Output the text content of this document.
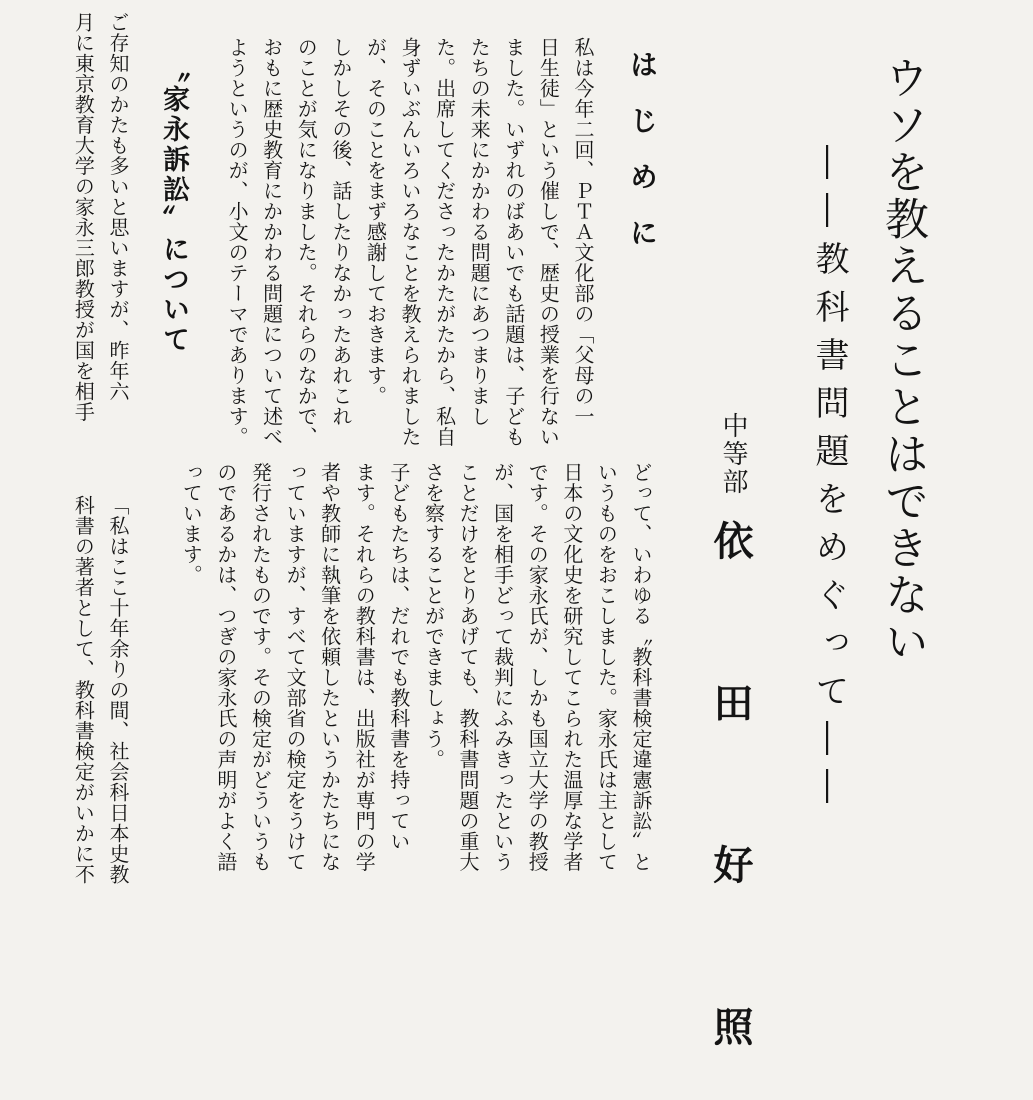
ウソを教えることはできない
――教科書問題をめぐって――
中等部
依 田 好 照
はじめに
〝家永訴訟〟について	私は今年二回、ＰＴＡ文化部の「父母の一
日生徒」という催しで、歴史の授業を行ない
ました。いずれのばあいでも話題は、子ども
たちの未来にかかわる問題にあつまりまし
た。出席してくださったかたがたから、私自
身ずいぶんいろいろなことを教えられました
が、そのことをまず感謝しておきます。
しかしその後、話したりなかったあれこれ
のことが気になりました。それらのなかで、
おもに歴史教育にかかわる問題について述べ
ようというのが、小文のテーマであります。
どって、いわゆる〝教科書検定違憲訴訟〟と
いうものをおこしました。家永氏は主として
日本の文化史を研究してこられた温厚な学者
です。その家永氏が、しかも国立大学の教授
が、国を相手どって裁判にふみきったという
ことだけをとりあげても、教科書問題の重大
さを察することができましょう。
子どもたちは、だれでも教科書を持ってい
ます。それらの教科書は、出版社が専門の学
者や教師に執筆を依頼したというかたちにな
っていますが、すべて文部省の検定をうけて
発行されたものです。その検定がどういうも
のであるかは、つぎの家永氏の声明がよく語
っています。
ご存知のかたも多いと思いますが、昨年六
月に東京教育大学の家永三郎教授が国を相手
「私はここ十年余りの間、社会科日本史教
科書の著者として、教科書検定がいかに不
